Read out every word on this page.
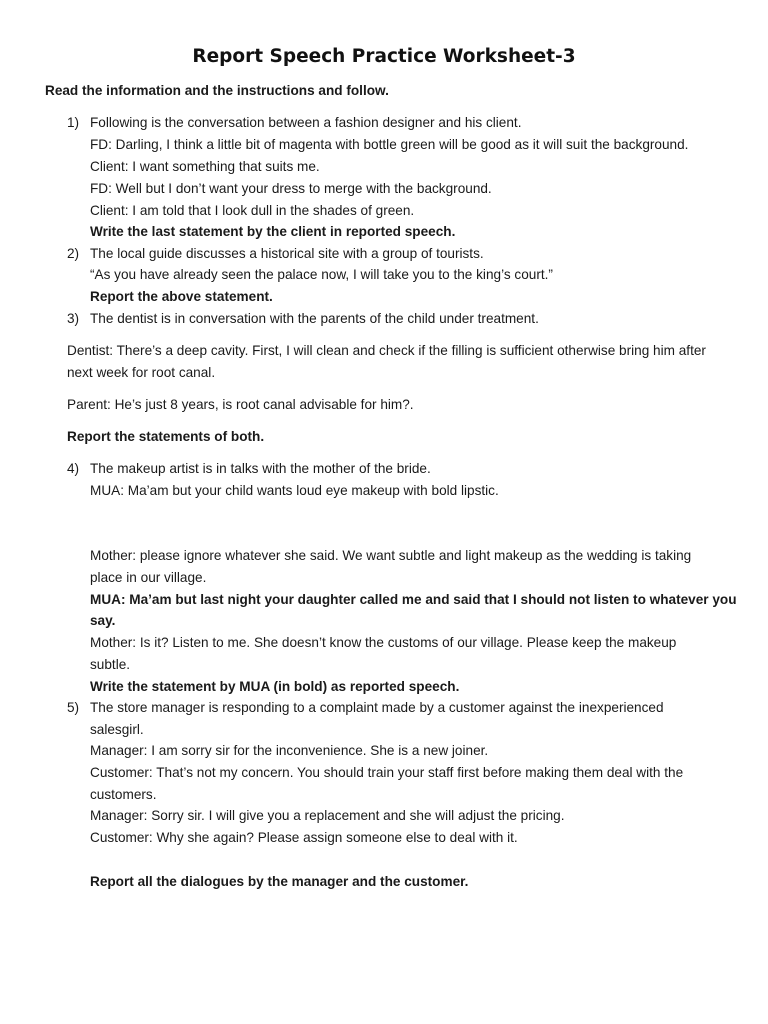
Report Speech Practice Worksheet-3
Read the information and the instructions and follow.
1) Following is the conversation between a fashion designer and his client.
FD: Darling, I think a little bit of magenta with bottle green will be good as it will suit the background.
Client: I want something that suits me.
FD: Well but I don’t want your dress to merge with the background.
Client: I am told that I look dull in the shades of green.
Write the last statement by the client in reported speech.
2) The local guide discusses a historical site with a group of tourists.
“As you have already seen the palace now, I will take you to the king’s court.”
Report the above statement.
3) The dentist is in conversation with the parents of the child under treatment.
Dentist: There’s a deep cavity. First, I will clean and check if the filling is sufficient otherwise bring him after
next week for root canal.
Parent: He’s just 8 years, is root canal advisable for him?.
Report the statements of both.
4) The makeup artist is in talks with the mother of the bride.
MUA: Ma’am but your child wants loud eye makeup with bold lipstic.
Mother: please ignore whatever she said. We want subtle and light makeup as the wedding is taking
place in our village.
MUA: Ma’am but last night your daughter called me and said that I should not listen to whatever you
say.
Mother: Is it? Listen to me. She doesn’t know the customs of our village. Please keep the makeup
subtle.
Write the statement by MUA (in bold) as reported speech.
5) The store manager is responding to a complaint made by a customer against the inexperienced
salesgirl.
Manager: I am sorry sir for the inconvenience. She is a new joiner.
Customer: That’s not my concern. You should train your staff first before making them deal with the
customers.
Manager: Sorry sir. I will give you a replacement and she will adjust the pricing.
Customer: Why she again? Please assign someone else to deal with it.
Report all the dialogues by the manager and the customer.
